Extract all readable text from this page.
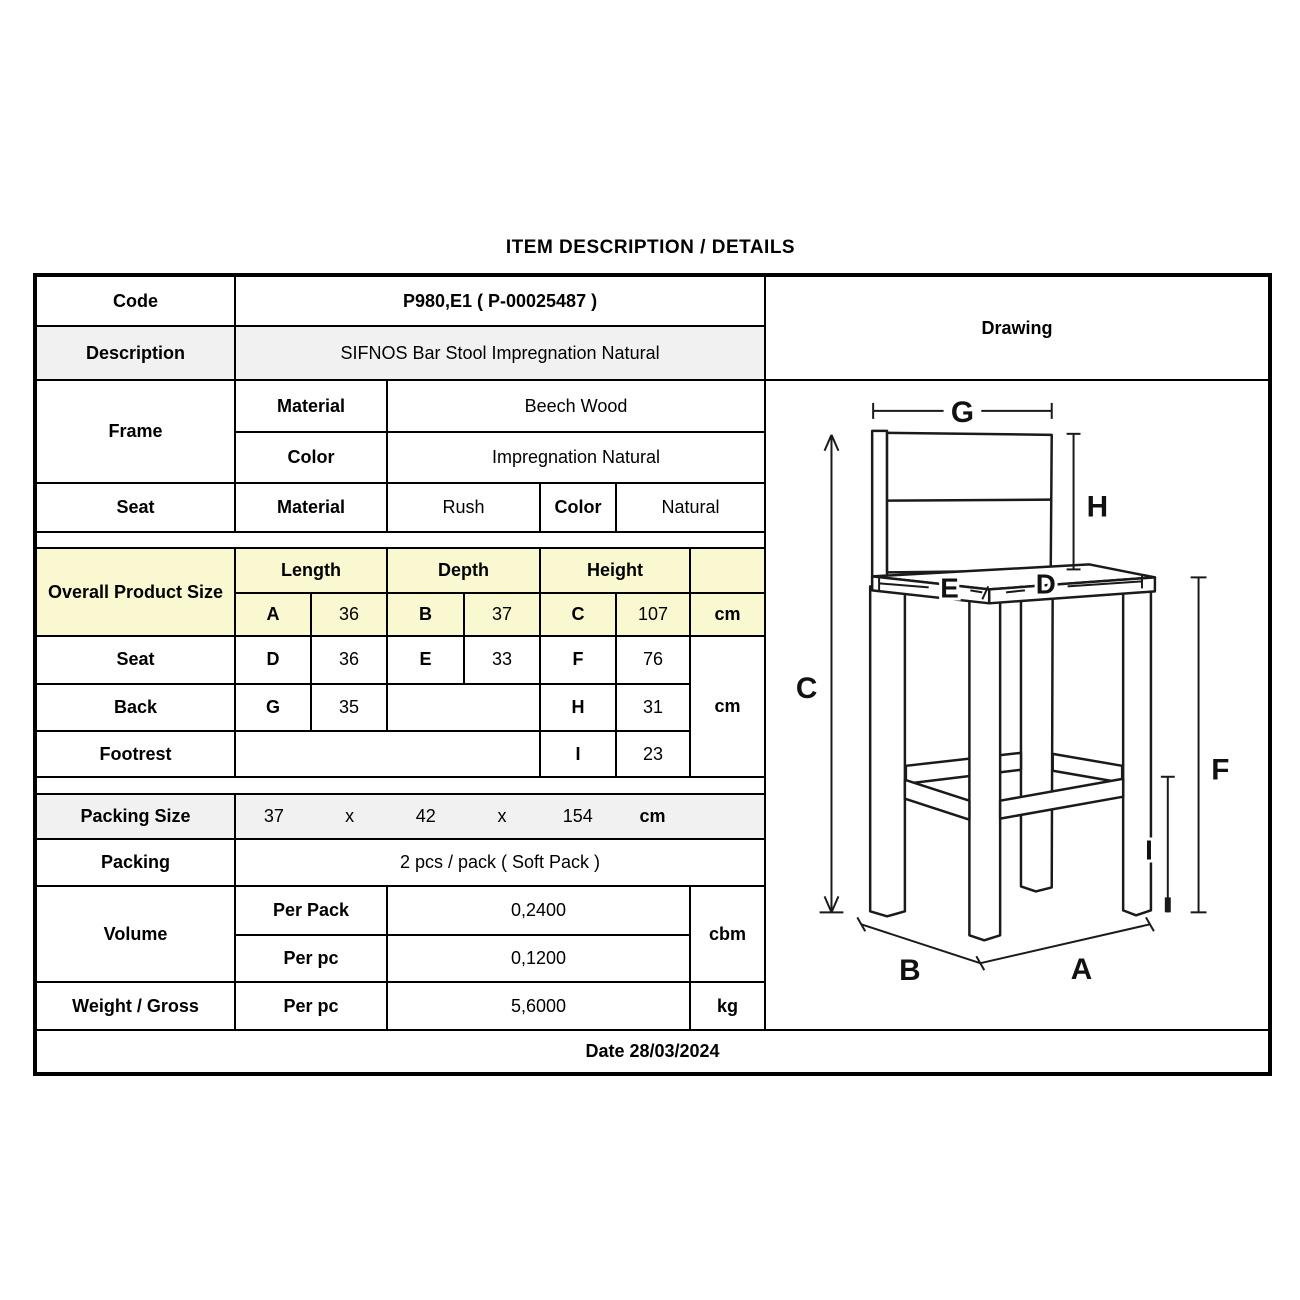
ITEM DESCRIPTION / DETAILS
Code	P980,E1 ( P-00025487 )							Drawing
Description	SIFNOS Bar Stool Impregnation Natural							
Frame	Material	Beech Wood	
C
G
H
E	D
F
I
B	A

	Color		Impregnation Natural					
Seat	Material		Rush		Color	Natural		

Overall Product Size	Length		Depth		Height			
	A	36	B	37	C	107	cm	
Seat	D	36	E	33	F	76	cm	
Back	G	35			H	31		
Footrest					I	23		

Packing Size	37	x	42	x	154	cm

Packing	2 pcs / pack ( Soft Pack )							
Volume	Per Pack		0,2400				cbm	
	Per pc		0,1200					
Weight / Gross	Per pc		5,6000				kg	
Date 28/03/2024								
